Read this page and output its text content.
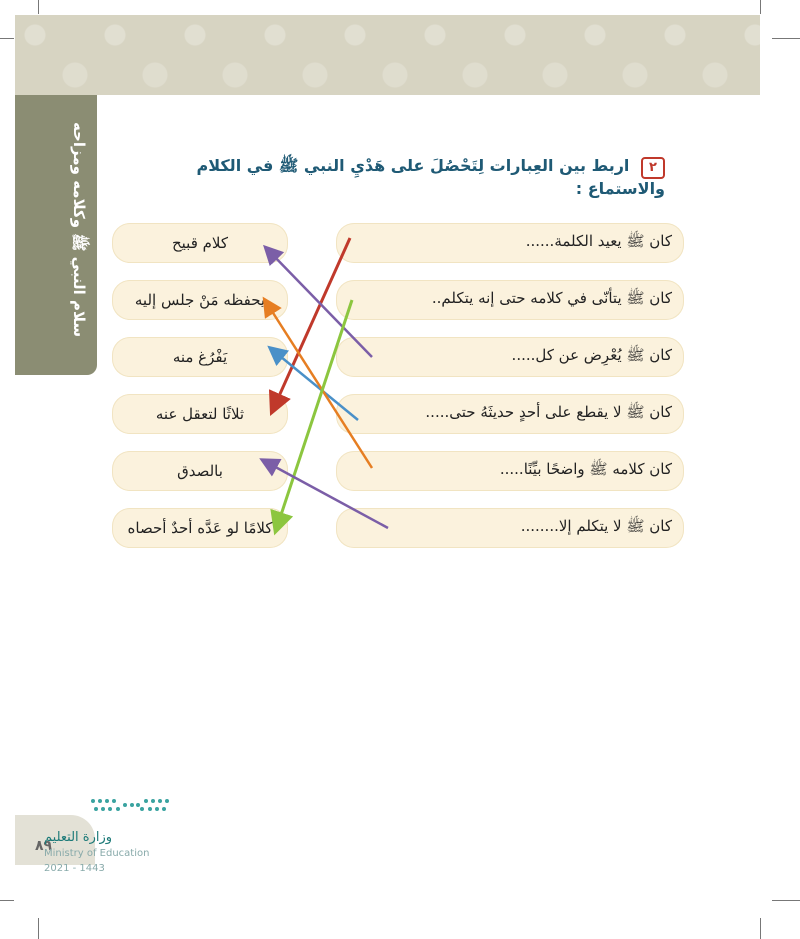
سلام النبي ﷺ وكلامه ومزاحه	٢ اربط بين العِبارات لِتَحْصُلَ على هَدْيِ النبي ﷺ في الكلام والاستماع :
كان ﷺ يعيد الكلمة......
كان ﷺ يتأنّى في كلامه حتى إنه يتكلم..
كان ﷺ يُعْرِض عن كل.....
كان ﷺ لا يقطع على أحدٍ حديثَهُ حتى.....
كان كلامه ﷺ واضحًا بيِّنًا.....
كان ﷺ لا يتكلم إلا........
كلام قبيح
يحفظه مَنْ جلس إليه
يَفْرُغ منه
ثلاثًا لتعقل عنه
بالصدق
كلامًا لو عَدَّه أحدٌ أحصاه
٨٩
وزارة التعليم
Ministry of Education
2021 - 1443
